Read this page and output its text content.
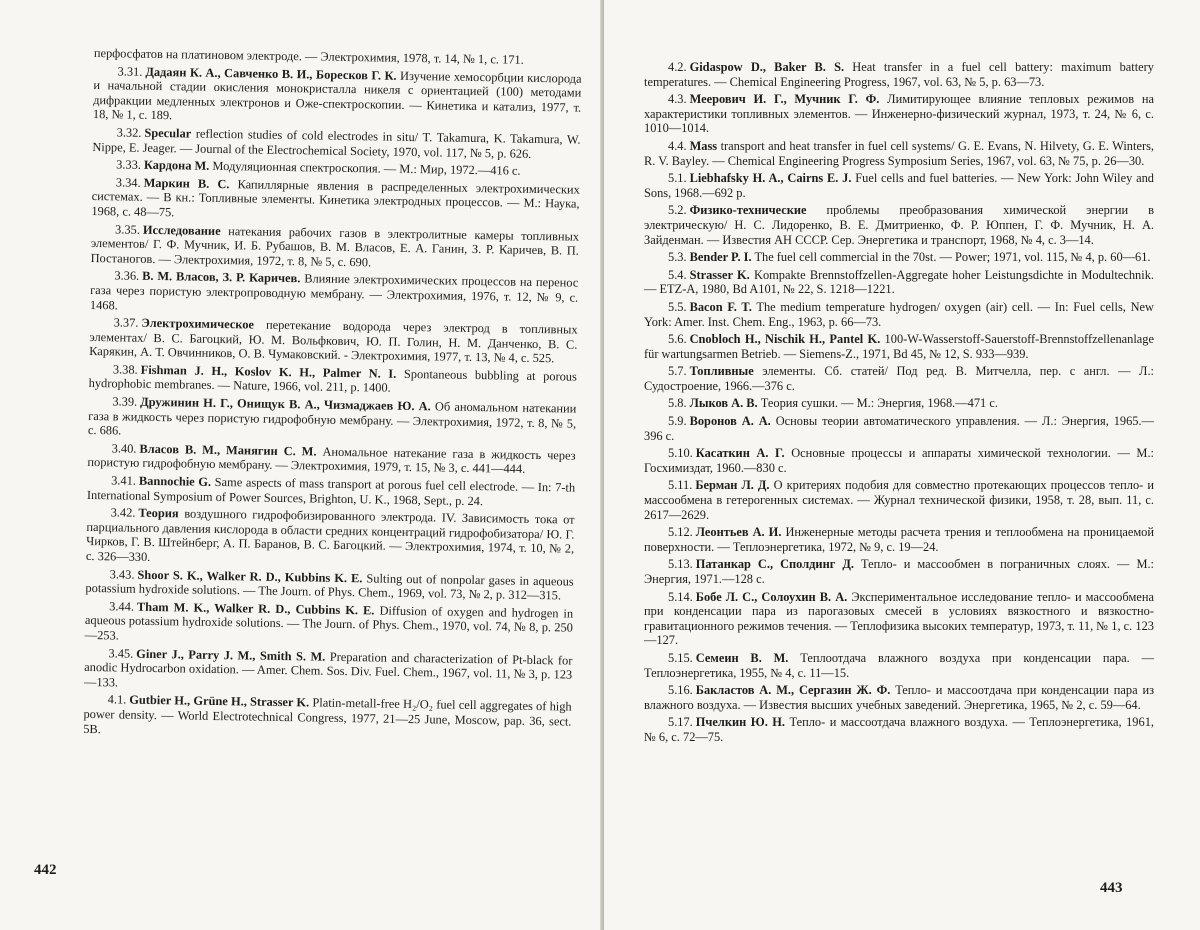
перфосфатов на платиновом электроде. — Электрохимия, 1978, т. 14, № 1, с. 171.

3.31. Дадаян К. А., Савченко В. И., Боресков Г. К. Изучение хемосорбции кислорода и начальной стадии окисления монокристалла никеля с ориентацией (100) методами дифракции медленных электронов и Оже-спектроскопии. — Кинетика и катализ, 1977, т. 18, № 1, с. 189.

3.32. Specular reflection studies of cold electrodes in situ/ T. Takamura, K. Takamura, W. Nippe, E. Jeager. — Journal of the Electrochemical Society, 1970, vol. 117, № 5, p. 626.

3.33. Кардона М. Модуляционная спектроскопия. — М.: Мир, 1972.—416 с.

3.34. Маркин В. С. Капиллярные явления в распределенных электрохимических системах. — В кн.: Топливные элементы. Кинетика электродных процессов. — М.: Наука, 1968, с. 48—75.

3.35. Исследование натекания рабочих газов в электролитные камеры топливных элементов/ Г. Ф. Мучник, И. Б. Рубашов, В. М. Власов, Е. А. Ганин, З. Р. Каричев, В. П. Постаногов. — Электрохимия, 1972, т. 8, № 5, с. 690.

3.36. В. М. Власов, З. Р. Каричев. Влияние электрохимических процессов на перенос газа через пористую электропроводную мембрану. — Электрохимия, 1976, т. 12, № 9, с. 1468.

3.37. Электрохимическое перетекание водорода через электрод в топливных элементах/ В. С. Багоцкий, Ю. М. Вольфкович, Ю. П. Голин, Н. М. Данченко, В. С. Карякин, А. Т. Овчинников, О. В. Чумаковский. - Электрохимия, 1977, т. 13, № 4, с. 525.

3.38. Fishman J. H., Koslov K. H., Palmer N. I. Spontaneous bubbling at porous hydrophobic membranes. — Nature, 1966, vol. 211, p. 1400.

3.39. Дружинин Н. Г., Онищук В. А., Чизмаджаев Ю. А. Об аномальном натекании газа в жидкость через пористую гидрофобную мембрану. — Электрохимия, 1972, т. 8, № 5, с. 686.

3.40. Власов В. М., Манягин С. М. Аномальное натекание газа в жидкость через пористую гидрофобную мембрану. — Электрохимия, 1979, т. 15, № 3, с. 441—444.

3.41. Bannochie G. Same aspects of mass transport at porous fuel cell electrode. — In: 7-th International Symposium of Power Sources, Brighton, U. K., 1968, Sept., p. 24.

3.42. Теория воздушного гидрофобизированного электрода. IV. Зависимость тока от парциального давления кислорода в области средних концентраций гидрофобизатора/ Ю. Г. Чирков, Г. В. Штейнберг, А. П. Баранов, В. С. Багоцкий. — Электрохимия, 1974, т. 10, № 2, с. 326—330.

3.43. Shoor S. K., Walker R. D., Kubbins K. E. Sulting out of nonpolar gases in aqueous potassium hydroxide solutions. — The Journ. of Phys. Chem., 1969, vol. 73, № 2, p. 312—315.

3.44. Tham M. K., Walker R. D., Cubbins K. E. Diffusion of oxygen and hydrogen in aqueous potassium hydroxide solutions. — The Journ. of Phys. Chem., 1970, vol. 74, № 8, p. 250—253.

3.45. Giner J., Parry J. M., Smith S. M. Preparation and characterization of Pt-black for anodic Hydrocarbon oxidation. — Amer. Chem. Sos. Div. Fuel. Chem., 1967, vol. 11, № 3, p. 123—133.

4.1. Gutbier H., Grüne H., Strasser K. Platin-metall-free H₂/O₂ fuel cell aggregates of high power density. — World Electrotechnical Congress, 1977, 21—25 June, Moscow, pap. 36, sect. 5B.

442

4.2. Gidaspow D., Baker B. S. Heat transfer in a fuel cell battery: maximum battery temperatures. — Chemical Engineering Progress, 1967, vol. 63, № 5, p. 63—73.

4.3. Меерович И. Г., Мучник Г. Ф. Лимитирующее влияние тепловых режимов на характеристики топливных элементов. — Инженерно-физический журнал, 1973, т. 24, № 6, с. 1010—1014.

4.4. Mass transport and heat transfer in fuel cell systems/ G. E. Evans, N. Hilvety, G. E. Winters, R. V. Bayley. — Chemical Engineering Progress Symposium Series, 1967, vol. 63, № 75, p. 26—30.

5.1. Liebhafsky H. A., Cairns E. J. Fuel cells and fuel batteries. — New York: John Wiley and Sons, 1968.—692 p.

5.2. Физико-технические проблемы преобразования химической энергии в электрическую/ Н. С. Лидоренко, В. Е. Дмитриенко, Ф. Р. Юппен, Г. Ф. Мучник, Н. А. Зайденман. — Известия АН СССР. Сер. Энергетика и транспорт, 1968, № 4, с. 3—14.

5.3. Bender P. I. The fuel cell commercial in the 70st. — Power; 1971, vol. 115, № 4, p. 60—61.

5.4. Strasser K. Kompakte Brennstoffzellen-Aggregate hoher Leistungsdichte in Modultechnik. — ETZ-A, 1980, Bd A101, № 22, S. 1218—1221.

5.5. Bacon F. T. The medium temperature hydrogen/ oxygen (air) cell. — In: Fuel cells, New York: Amer. Inst. Chem. Eng., 1963, p. 66—73.

5.6. Cnobloch H., Nischik H., Pantel K. 100-W-Wasserstoff-Sauerstoff-Brennstoffzellenanlage für wartungsarmen Betrieb. — Siemens-Z., 1971, Bd 45, № 12, S. 933—939.

5.7. Топливные элементы. Сб. статей/ Под ред. В. Митчелла, пер. с англ. — Л.: Судостроение, 1966.—376 с.

5.8. Лыков А. В. Теория сушки. — М.: Энергия, 1968.—471 с.

5.9. Воронов А. А. Основы теории автоматического управления. — Л.: Энергия, 1965.—396 с.

5.10. Касаткин А. Г. Основные процессы и аппараты химической технологии. — М.: Госхимиздат, 1960.—830 с.

5.11. Берман Л. Д. О критериях подобия для совместно протекающих процессов тепло- и массообмена в гетерогенных системах. — Журнал технической физики, 1958, т. 28, вып. 11, с. 2617—2629.

5.12. Леонтьев А. И. Инженерные методы расчета трения и теплообмена на проницаемой поверхности. — Теплоэнергетика, 1972, № 9, с. 19—24.

5.13. Патанкар С., Сполдинг Д. Тепло- и массообмен в пограничных слоях. — М.: Энергия, 1971.—128 с.

5.14. Бобе Л. С., Солоухин В. А. Экспериментальное исследование тепло- и массообмена при конденсации пара из парогазовых смесей в условиях вязкостного и вязкостно-гравитационного режимов течения. — Теплофизика высоких температур, 1973, т. 11, № 1, с. 123—127.

5.15. Семеин В. М. Теплоотдача влажного воздуха при конденсации пара. — Теплоэнергетика, 1955, № 4, с. 11—15.

5.16. Бакластов А. М., Сергазин Ж. Ф. Тепло- и массоотдача при конденсации пара из влажного воздуха. — Известия высших учебных заведений. Энергетика, 1965, № 2, с. 59—64.

5.17. Пчелкин Ю. Н. Тепло- и массоотдача влажного воздуха. — Теплоэнергетика, 1961, № 6, с. 72—75.

443
